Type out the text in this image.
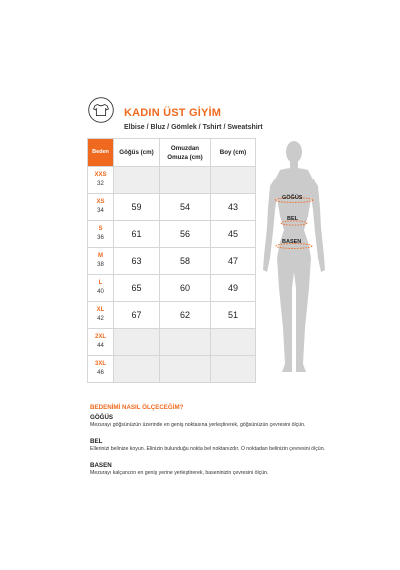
KADIN ÜST GİYİM
Elbise / Bluz / Gömlek / Tshirt / Sweatshirt
Beden	Göğüs (cm)	Omuzdan Omuza (cm)	Boy (cm)

XXS
32			

XS
34	59	54	43

S
36	61	56	45

M
38	63	58	47

L
40	65	60	49

XL
42	67	62	51

2XL
44			

3XL
46			

GÖĞÜS
BEL
BASEN
BEDENİMİ NASIL ÖLÇECEĞİM?
GÖĞÜS
Mezurayı göğsünüzün üzerinde en geniş noktasına yerleştirerek, göğsünüzün çevresini ölçün.
BEL
Ellerinizi belinize koyun. Elinizin bulunduğu nokta bel noktanızdır. O noktadan belinizin çevresini ölçün.
BASEN
Mezurayı kalçanızın en geniş yerine yerleştirerek, baseninizin çevresini ölçün.
